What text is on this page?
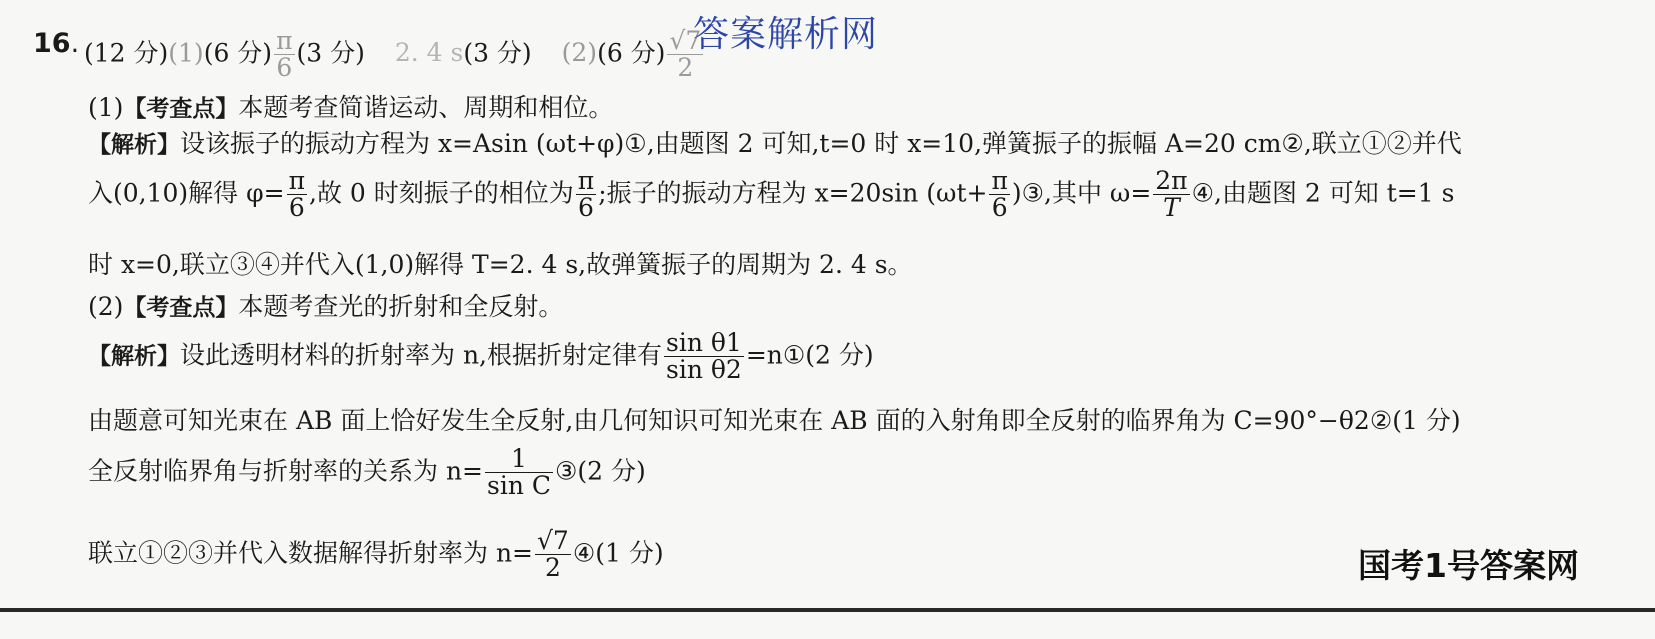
16. (12 分)(1)(6 分) $\frac{\pi}{6} (3$ 分) 2. 4 s(3 分) (2)(6 分) $\frac{√7}{2}$
答案解析网
(1)【考查点】本题考查简谐运动、周期和相位。
【解析】设该振子的振动方程为 x=Asin (ωt+φ)①,由题图 2 可知,t=0 时 x=10,弹簧振子的振幅 A=20 cm②,联立①②并代
入(0,10)解得 $\varphi= \frac{\pi}{6}$ ,故 0 时刻振子的相位为 $\frac{\pi}{6}$ ;振子的振动方程为 x=20sin ($\omega t+ \frac{\pi}{6}$ )③,其中 $\omega= \frac{2\pi}{T}$ ④,由题图 2 可知 t=1 s
时 x=0,联立③④并代入(1,0)解得 T=2. 4 s,故弹簧振子的周期为 2. 4 s。
(2)【考查点】本题考查光的折射和全反射。
【解析】设此透明材料的折射率为 n,根据折射定律有 $\frac{\text{sin θ1}}{\text{sin θ2}}$ =n①(2 分)
由题意可知光束在 AB 面上恰好发生全反射,由几何知识可知光束在 AB 面的入射角即全反射的临界角为 C=90°−θ2②(1 分)
全反射临界角与折射率的关系为 $n= \frac{1}{\text{sin C}}$ ③(2 分)
联立①②③并代入数据解得折射率为 $n= \frac{√7}{2}$ ④(1 分)	国考1号答案网
